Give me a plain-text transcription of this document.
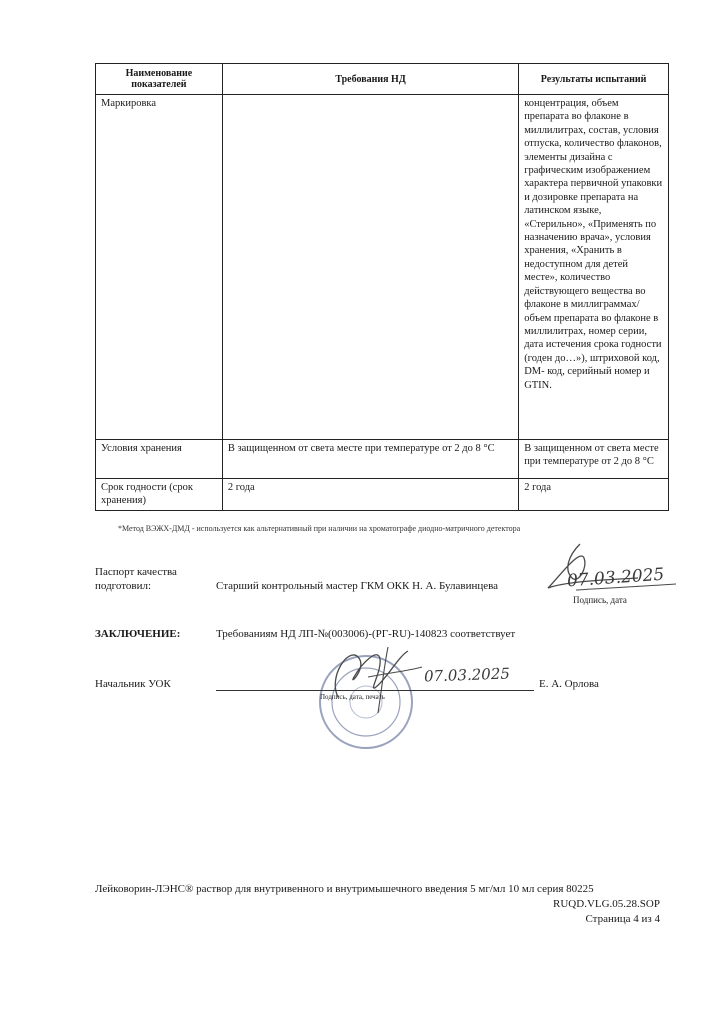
Наименование показателей	Требования НД	Результаты испытаний
Маркировка		концентрация, объем препарата во флаконе в миллилитрах, состав, условия отпуска, количество флаконов, элементы дизайна с графическим изображением характера первичной упаковки и дозировке препарата на латинском языке, «Стерильно», «Применять по назначению врача», условия хранения, «Хранить в недоступном для детей месте», количество действующего вещества во флаконе в миллиграммах/объем препарата во флаконе в миллилитрах, номер серии, дата истечения срока годности (годен до…»), штриховой код, DM- код, серийный номер и GTIN.
Условия хранения	В защищенном от света месте при температуре от 2 до 8 °С	В защищенном от света месте при температуре от 2 до 8 °С
Срок годности (срок хранения)	2 года	2 года
*Метод ВЭЖХ-ДМД - используется как альтернативный при наличии на хроматографе диодно-матричного детектора
Паспорт качества подготовил:	Старший контрольный мастер ГКМ ОКК Н. А. Булавинцева	07.03.2025
Подпись, дата
ЗАКЛЮЧЕНИЕ:	Требованиям НД ЛП-№(003006)-(РГ-RU)-140823 соответствует
07.03.2025
Начальник УОК
Подпись, дата, печать
Е. А. Орлова
Лейковорин-ЛЭНС® раствор для внутривенного и внутримышечного введения 5 мг/мл 10 мл серия 80225
RUQD.VLG.05.28.SOP
Страница 4 из 4
